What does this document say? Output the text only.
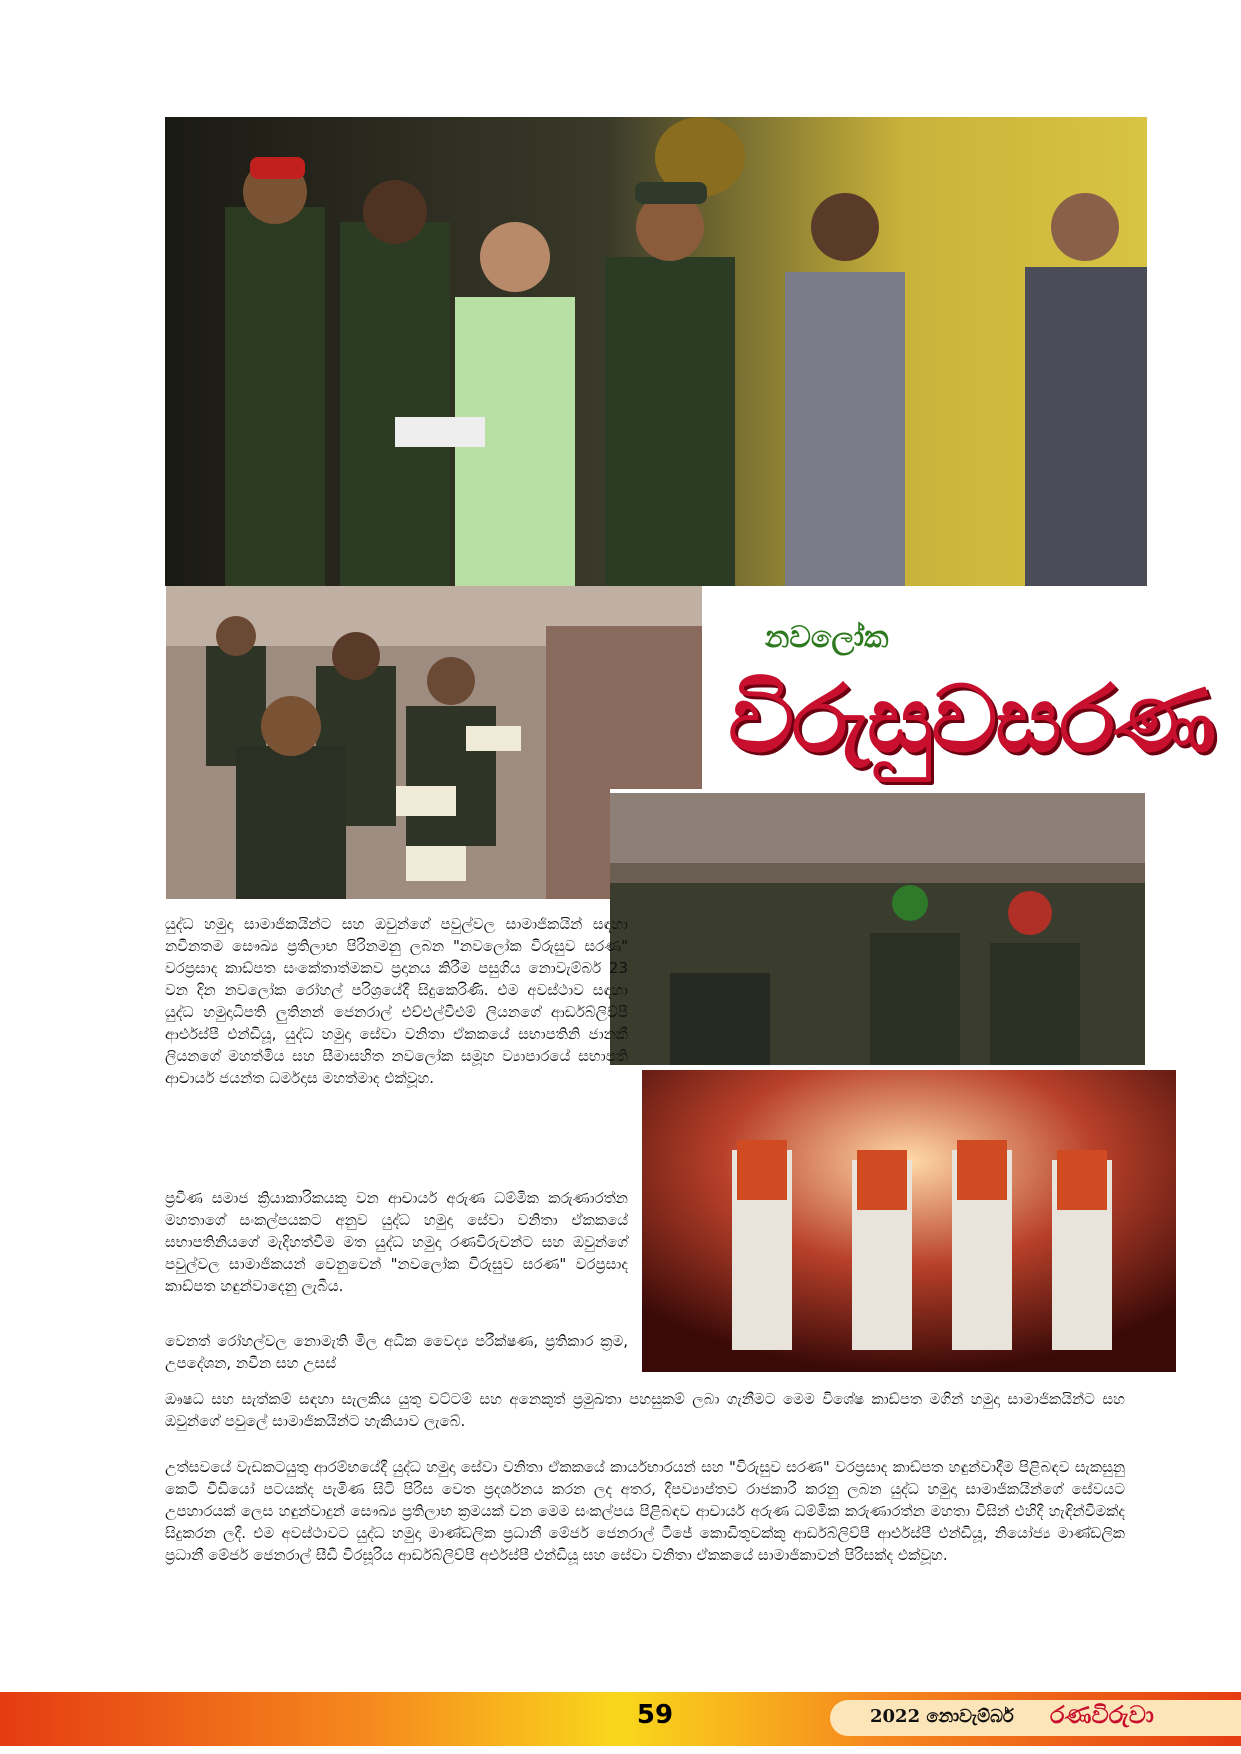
නවලෝක
විරුසුවසරණ

යුද්ධ හමුදා සාමාජිකයින්ට සහ ඔවුන්ගේ පවුල්වල සාමාජිකයින් සඳහා නවීනතම සෞඛ්‍ය ප්‍රතිලාභ පිරිනමනු ලබන "නවලෝක විරුසුව සරණ" වරප්‍රසාද කාඩ්පත සංකේතාත්මකව ප්‍රදානය කිරීම පසුගිය නොවැම්බර් 23 වන දින නවලෝක රෝහල් පරිශ්‍රයේදී සිදුකෙරිණි. එම අවස්ථාව සඳහා යුද්ධ හමුදාධිපති ලුතිනන් ජෙනරාල් එච්එල්වීඑම් ලියනගේ ආර්ඩබ්ලිව්පී ආර්එස්පී එන්ඩියූ, යුද්ධ හමුදා සේවා වනිතා ඒකකයේ සභාපතිනි ජානකී ලියනගේ මහත්මිය සහ සීමාසහිත නවලෝක සමූහ ව්‍යාපාරයේ සභාපති ආචාර්ය ජයන්ත ධර්මදාස මහත්මාද එක්වූහ.

ප්‍රවීණ සමාජ ක්‍රියාකාරිකයකු වන ආචාර්ය අරුණ ධම්මික කරුණාරත්න මහතාගේ සංකල්පයකට අනුව යුද්ධ හමුදා සේවා වනිතා ඒකකයේ සභාපතිනියගේ මැදිහත්වීම මත යුද්ධ හමුදා රණවිරුවන්ට සහ ඔවුන්ගේ පවුල්වල සාමාජිකයන් වෙනුවෙන් "නවලෝක විරුසුව සරණ" වරප්‍රසාද කාඩ්පත හඳුන්වාදෙනු ලැබීය.

වෙනත් රෝහල්වල නොමැති මිල අධික වෛද්‍ය පරීක්ෂණ, ප්‍රතිකාර ක්‍රම, උපදේශන, නවීන සහ උසස්

ඖෂධ සහ සැත්කම් සඳහා සැලකිය යුතු වට්ටම් සහ අනෙකුත් ප්‍රමුඛතා පහසුකම් ලබා ගැනීමට මෙම විශේෂ කාඩ්පත මගින් හමුදා සාමාජිකයින්ට සහ ඔවුන්ගේ පවුලේ සාමාජිකයින්ට හැකියාව ලැබේ.

උත්සවයේ වැඩකටයුතු ආරම්භයේදී යුද්ධ හමුදා සේවා වනිතා ඒකකයේ කාර්යභාරයන් සහ "විරුසුව සරණ" වරප්‍රසාද කාඩ්පත හඳුන්වාදීම පිළිබඳව සැකසුනු කෙටි වීඩියෝ පටයක්ද පැමිණ සිටි පිරිස වෙත ප්‍රදර්ශනය කරන ලද අතර, දීපව්‍යාප්තව රාජකාරී කරනු ලබන යුද්ධ හමුදා සාමාජිකයින්ගේ සේවයට උපහාරයක් ලෙස හඳුන්වාදුන් සෞඛ්‍ය ප්‍රතිලාභ ක්‍රමයක් වන මෙම සංකල්පය පිළිබඳව ආචාර්ය අරුණ ධම්මික කරුණාරත්න මහතා විසින් එහිදී හැඳින්වීමක්ද සිදුකරන ලදී. එම අවස්ථාවට යුද්ධ හමුදා මාණ්ඩලික ප්‍රධානී මේජර් ජෙනරාල් ටීජේ කොඩිතුවක්කු ආර්ඩබ්ලිව්පී ආර්එස්පී එන්ඩියූ, නියෝජ්‍ය මාණ්ඩලික ප්‍රධානී මේජර් ජෙනරාල් සීඩී වීරසූරිය ආර්ඩබ්ලිව්පී අර්එස්පී එන්ඩියූ සහ සේවා වනිතා ඒකකයේ සාමාජිකාවන් පිරිසක්ද එක්වූහ.

59	2022 නොවැම්බර් රණවිරුවා
